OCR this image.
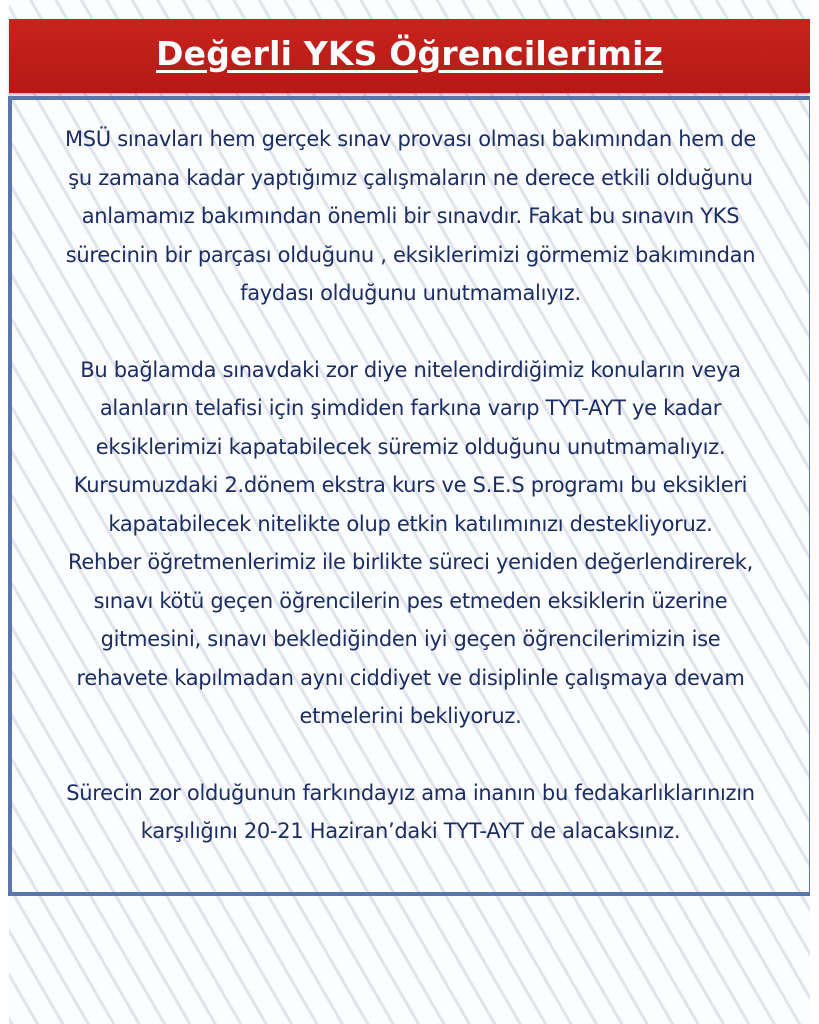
Değerli YKS Öğrencilerimiz

MSÜ sınavları hem gerçek sınav provası olması bakımından hem de
şu zamana kadar yaptığımız çalışmaların ne derece etkili olduğunu
anlamamız bakımından önemli bir sınavdır. Fakat bu sınavın YKS
sürecinin bir parçası olduğunu , eksiklerimizi görmemiz bakımından
faydası olduğunu unutmamalıyız.

Bu bağlamda sınavdaki zor diye nitelendirdiğimiz konuların veya
alanların telafisi için şimdiden farkına varıp TYT-AYT ye kadar
eksiklerimizi kapatabilecek süremiz olduğunu unutmamalıyız.
Kursumuzdaki 2.dönem ekstra kurs ve S.E.S programı bu eksikleri
kapatabilecek nitelikte olup etkin katılımınızı destekliyoruz.
Rehber öğretmenlerimiz ile birlikte süreci yeniden değerlendirerek,
sınavı kötü geçen öğrencilerin pes etmeden eksiklerin üzerine
gitmesini, sınavı beklediğinden iyi geçen öğrencilerimizin ise
rehavete kapılmadan aynı ciddiyet ve disiplinle çalışmaya devam
etmelerini bekliyoruz.

Sürecin zor olduğunun farkındayız ama inanın bu fedakarlıklarınızın
karşılığını 20-21 Haziran’daki TYT-AYT de alacaksınız.
